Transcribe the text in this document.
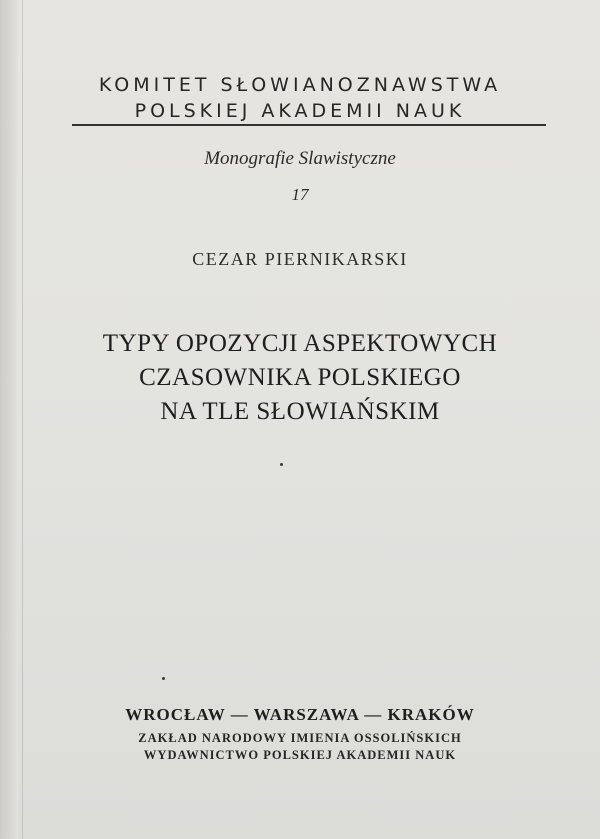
KOMITET SŁOWIANOZNAWSTWA
POLSKIEJ AKADEMII NAUK
Monografie Slawistyczne
17
CEZAR PIERNIKARSKI
TYPY OPOZYCJI ASPEKTOWYCH
CZASOWNIKA POLSKIEGO
NA TLE SŁOWIAŃSKIM
WROCŁAW — WARSZAWA — KRAKÓW
ZAKŁAD NARODOWY IMIENIA OSSOLIŃSKICH
WYDAWNICTWO POLSKIEJ AKADEMII NAUK
